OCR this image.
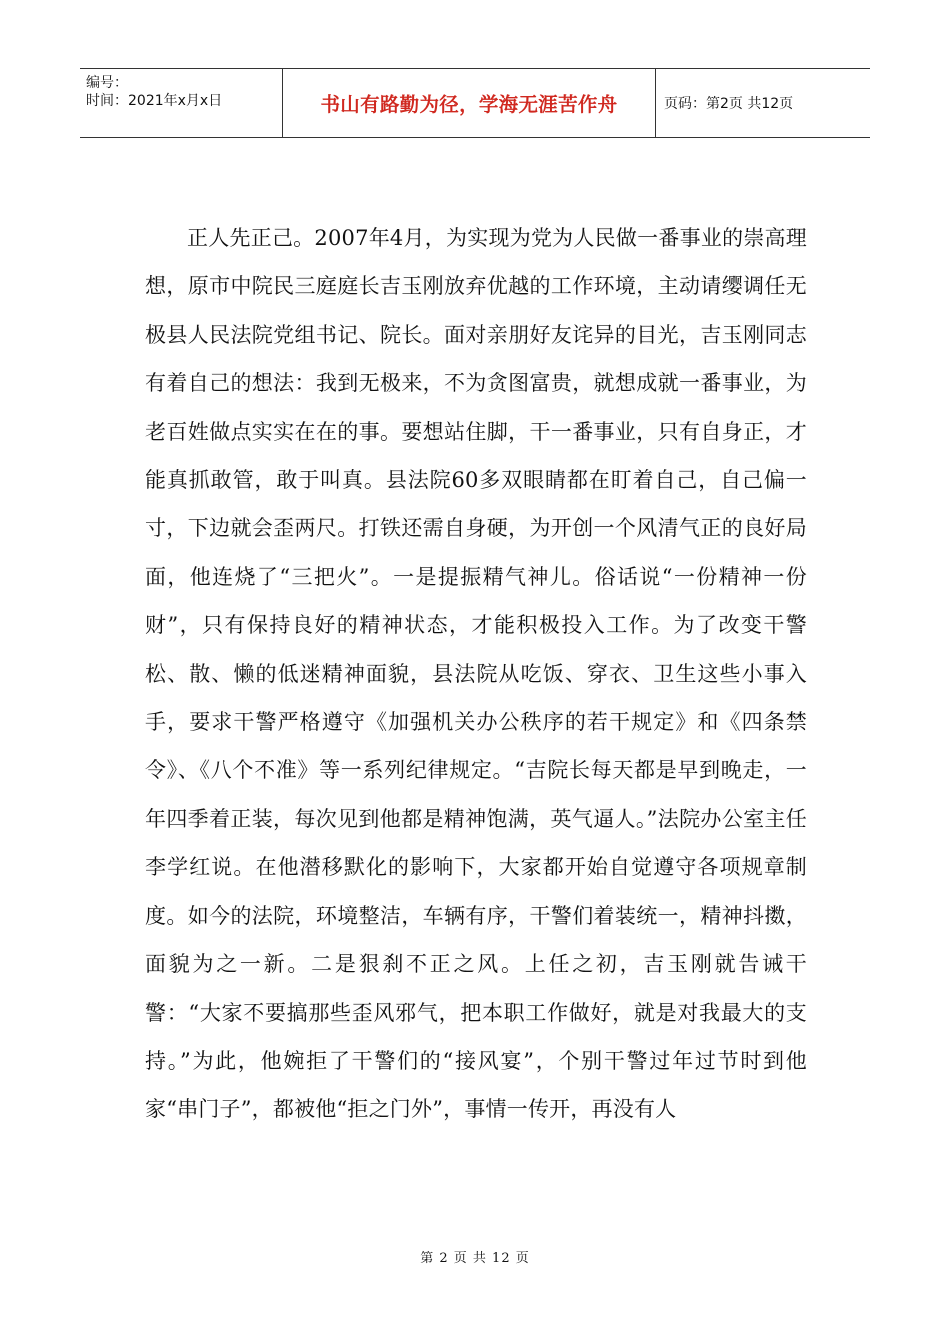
编号：
时间：2021年x月x日	书山有路勤为径，学海无涯苦作舟	页码：第2页 共12页

正人先正己。2007年4月，为实现为党为人民做一番事业的崇高理想，原市中院民三庭庭长吉玉刚放弃优越的工作环境，主动请缨调任无极县人民法院党组书记、院长。面对亲朋好友诧异的目光，吉玉刚同志有着自己的想法：我到无极来，不为贪图富贵，就想成就一番事业，为老百姓做点实实在在的事。要想站住脚，干一番事业，只有自身正，才能真抓敢管，敢于叫真。县法院60多双眼睛都在盯着自己，自己偏一寸，下边就会歪两尺。打铁还需自身硬，为开创一个风清气正的良好局面，他连烧了“三把火”。一是提振精气神儿。俗话说“一份精神一份财”，只有保持良好的精神状态，才能积极投入工作。为了改变干警松、散、懒的低迷精神面貌，县法院从吃饭、穿衣、卫生这些小事入手，要求干警严格遵守《加强机关办公秩序的若干规定》和《四条禁令》、《八个不准》等一系列纪律规定。“吉院长每天都是早到晚走，一年四季着正装，每次见到他都是精神饱满，英气逼人。”法院办公室主任李学红说。在他潜移默化的影响下，大家都开始自觉遵守各项规章制度。如今的法院，环境整洁，车辆有序，干警们着装统一，精神抖擞，面貌为之一新。二是狠刹不正之风。上任之初，吉玉刚就告诫干警：“大家不要搞那些歪风邪气，把本职工作做好，就是对我最大的支持。”为此，他婉拒了干警们的“接风宴”，个别干警过年过节时到他家“串门子”，都被他“拒之门外”，事情一传开，再没有人

第 2 页 共 12 页
